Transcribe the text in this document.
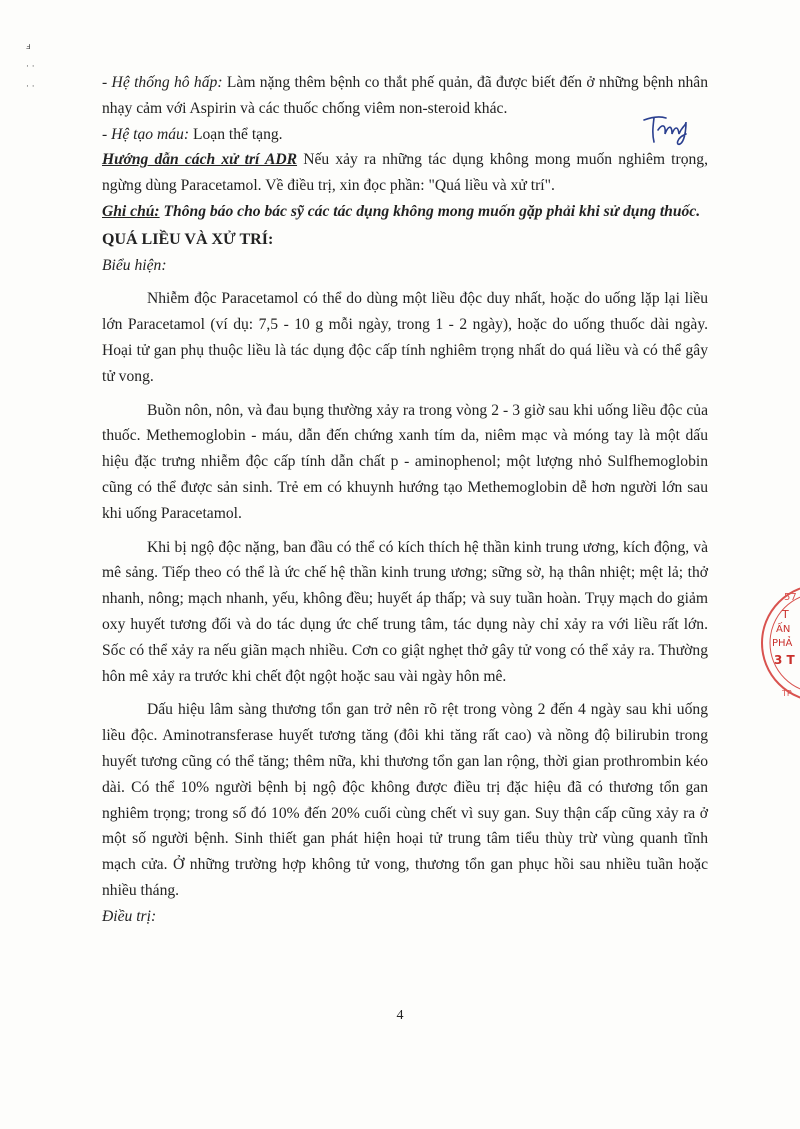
ⅎ
· ·
· ·	- Hệ thống hô hấp: Làm nặng thêm bệnh co thắt phế quản, đã được biết đến ở những bệnh nhân nhạy cảm với Aspirin và các thuốc chống viêm non-steroid khác.

- Hệ tạo máu: Loạn thể tạng.

Hướng dẫn cách xử trí ADR Nếu xảy ra những tác dụng không mong muốn nghiêm trọng, ngừng dùng Paracetamol. Về điều trị, xin đọc phần: "Quá liều và xử trí".

Ghi chú: Thông báo cho bác sỹ các tác dụng không mong muốn gặp phải khi sử dụng thuốc.

QUÁ LIỀU VÀ XỬ TRÍ:

Biểu hiện:

Nhiễm độc Paracetamol có thể do dùng một liều độc duy nhất, hoặc do uống lặp lại liều lớn Paracetamol (ví dụ: 7,5 - 10 g mỗi ngày, trong 1 - 2 ngày), hoặc do uống thuốc dài ngày. Hoại tử gan phụ thuộc liều là tác dụng độc cấp tính nghiêm trọng nhất do quá liều và có thể gây tử vong.

Buồn nôn, nôn, và đau bụng thường xảy ra trong vòng 2 - 3 giờ sau khi uống liều độc của thuốc. Methemoglobin - máu, dẫn đến chứng xanh tím da, niêm mạc và móng tay là một dấu hiệu đặc trưng nhiễm độc cấp tính dẫn chất p - aminophenol; một lượng nhỏ Sulfhemoglobin cũng có thể được sản sinh. Trẻ em có khuynh hướng tạo Methemoglobin dễ hơn người lớn sau khi uống Paracetamol.

Khi bị ngộ độc nặng, ban đầu có thể có kích thích hệ thần kinh trung ương, kích động, và mê sảng. Tiếp theo có thể là ức chế hệ thần kinh trung ương; sững sờ, hạ thân nhiệt; mệt lả; thở nhanh, nông; mạch nhanh, yếu, không đều; huyết áp thấp; và suy tuần hoàn. Trụy mạch do giảm oxy huyết tương đối và do tác dụng ức chế trung tâm, tác dụng này chỉ xảy ra với liều rất lớn. Sốc có thể xảy ra nếu giãn mạch nhiều. Cơn co giật nghẹt thở gây tử vong có thể xảy ra. Thường hôn mê xảy ra trước khi chết đột ngột hoặc sau vài ngày hôn mê.

Dấu hiệu lâm sàng thương tổn gan trở nên rõ rệt trong vòng 2 đến 4 ngày sau khi uống liều độc. Aminotransferase huyết tương tăng (đôi khi tăng rất cao) và nồng độ bilirubin trong huyết tương cũng có thể tăng; thêm nữa, khi thương tổn gan lan rộng, thời gian prothrombin kéo dài. Có thể 10% người bệnh bị ngộ độc không được điều trị đặc hiệu đã có thương tổn gan nghiêm trọng; trong số đó 10% đến 20% cuối cùng chết vì suy gan. Suy thận cấp cũng xảy ra ở một số người bệnh. Sinh thiết gan phát hiện hoại tử trung tâm tiểu thùy trừ vùng quanh tĩnh mạch cửa. Ở những trường hợp không tử vong, thương tổn gan phục hồi sau nhiều tuần hoặc nhiều tháng.

Điều trị:

4
57
T
ẤN
PHẢ
3 T
TP
